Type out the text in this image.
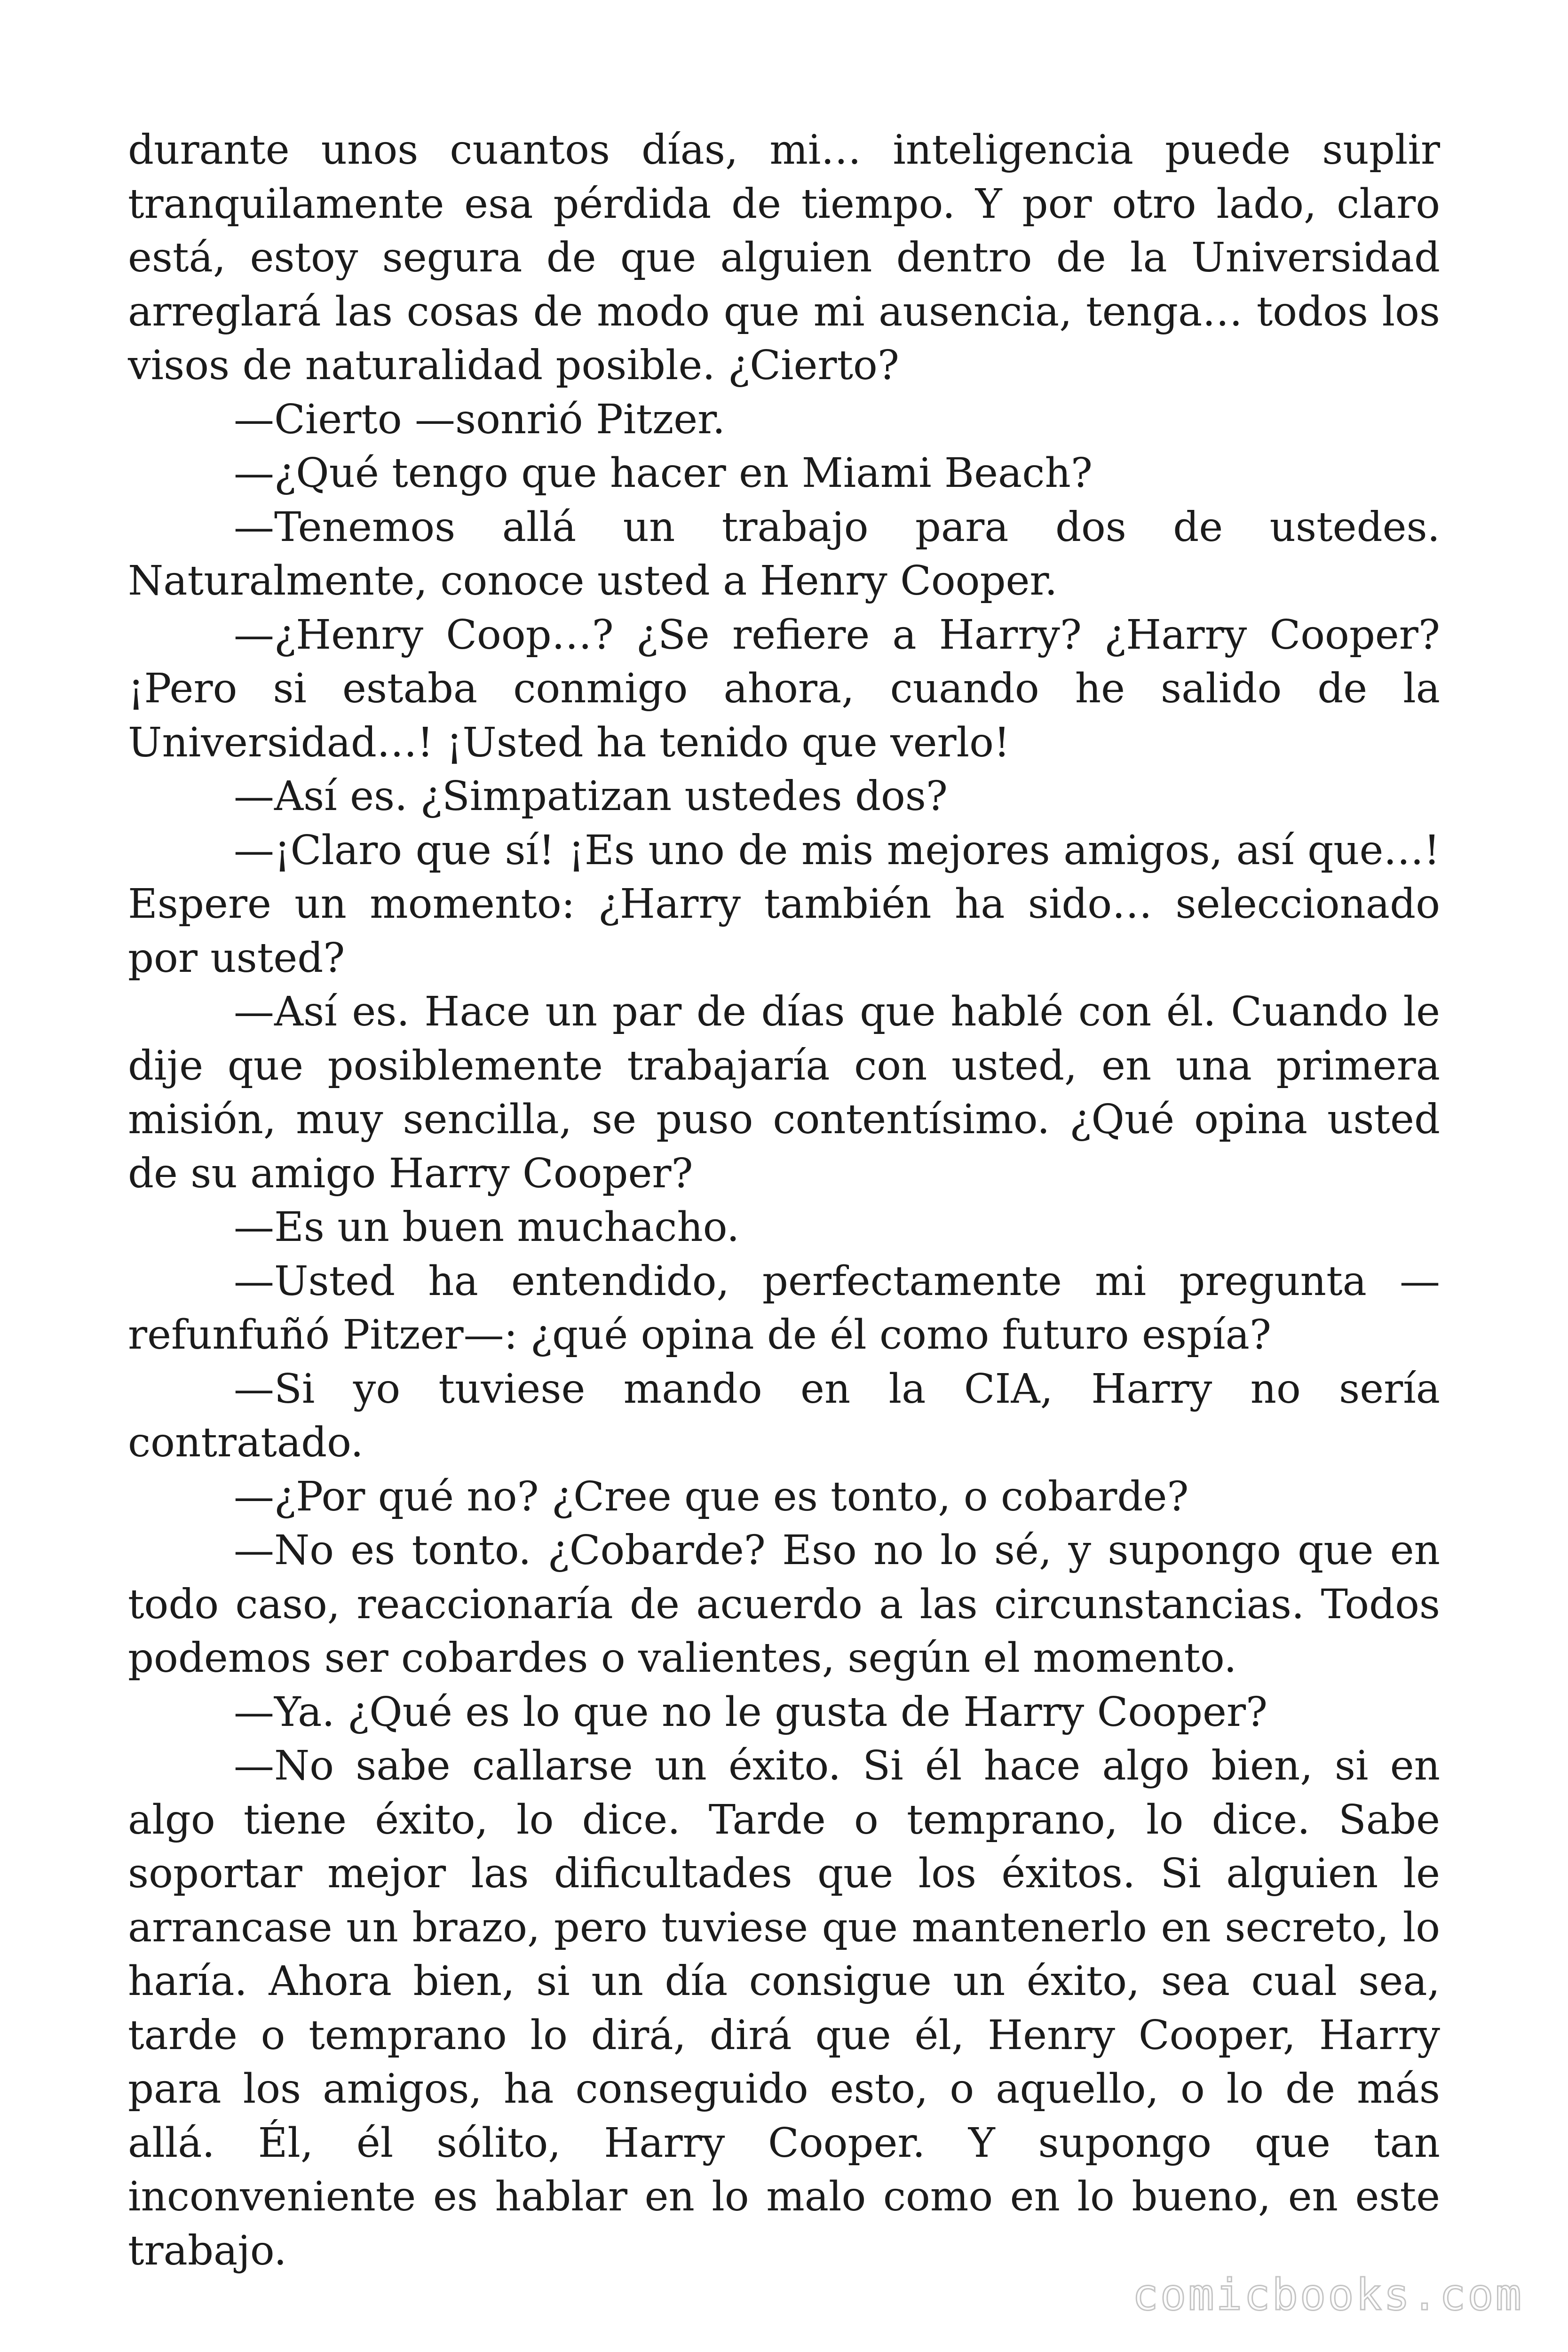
durante unos cuantos días, mi… inteligencia puede suplir tranquilamente esa pérdida de tiempo. Y por otro lado, claro está, estoy segura de que alguien dentro de la Universidad arreglará las cosas de modo que mi ausencia, tenga… todos los visos de naturalidad posible. ¿Cierto?

—Cierto —sonrió Pitzer.

—¿Qué tengo que hacer en Miami Beach?

—Tenemos allá un trabajo para dos de ustedes. Naturalmente, conoce usted a Henry Cooper.

—¿Henry Coop…? ¿Se refiere a Harry? ¿Harry Cooper? ¡Pero si estaba conmigo ahora, cuando he salido de la Universidad…! ¡Usted ha tenido que verlo!

—Así es. ¿Simpatizan ustedes dos?

—¡Claro que sí! ¡Es uno de mis mejores amigos, así que…! Espere un momento: ¿Harry también ha sido… seleccionado por usted?

—Así es. Hace un par de días que hablé con él. Cuando le dije que posiblemente trabajaría con usted, en una primera misión, muy sencilla, se puso contentísimo. ¿Qué opina usted de su amigo Harry Cooper?

—Es un buen muchacho.

—Usted ha entendido, perfectamente mi pregunta —refunfuñó Pitzer—: ¿qué opina de él como futuro espía?

—Si yo tuviese mando en la CIA, Harry no sería contratado.

—¿Por qué no? ¿Cree que es tonto, o cobarde?

—No es tonto. ¿Cobarde? Eso no lo sé, y supongo que en todo caso, reaccionaría de acuerdo a las circunstancias. Todos podemos ser cobardes o valientes, según el momento.

—Ya. ¿Qué es lo que no le gusta de Harry Cooper?

—No sabe callarse un éxito. Si él hace algo bien, si en algo tiene éxito, lo dice. Tarde o temprano, lo dice. Sabe soportar mejor las dificultades que los éxitos. Si alguien le arrancase un brazo, pero tuviese que mantenerlo en secreto, lo haría. Ahora bien, si un día consigue un éxito, sea cual sea, tarde o temprano lo dirá, dirá que él, Henry Cooper, Harry para los amigos, ha conseguido esto, o aquello, o lo de más allá. Él, él sólito, Harry Cooper. Y supongo que tan inconveniente es hablar en lo malo como en lo bueno, en este trabajo.

comicbooks.com
